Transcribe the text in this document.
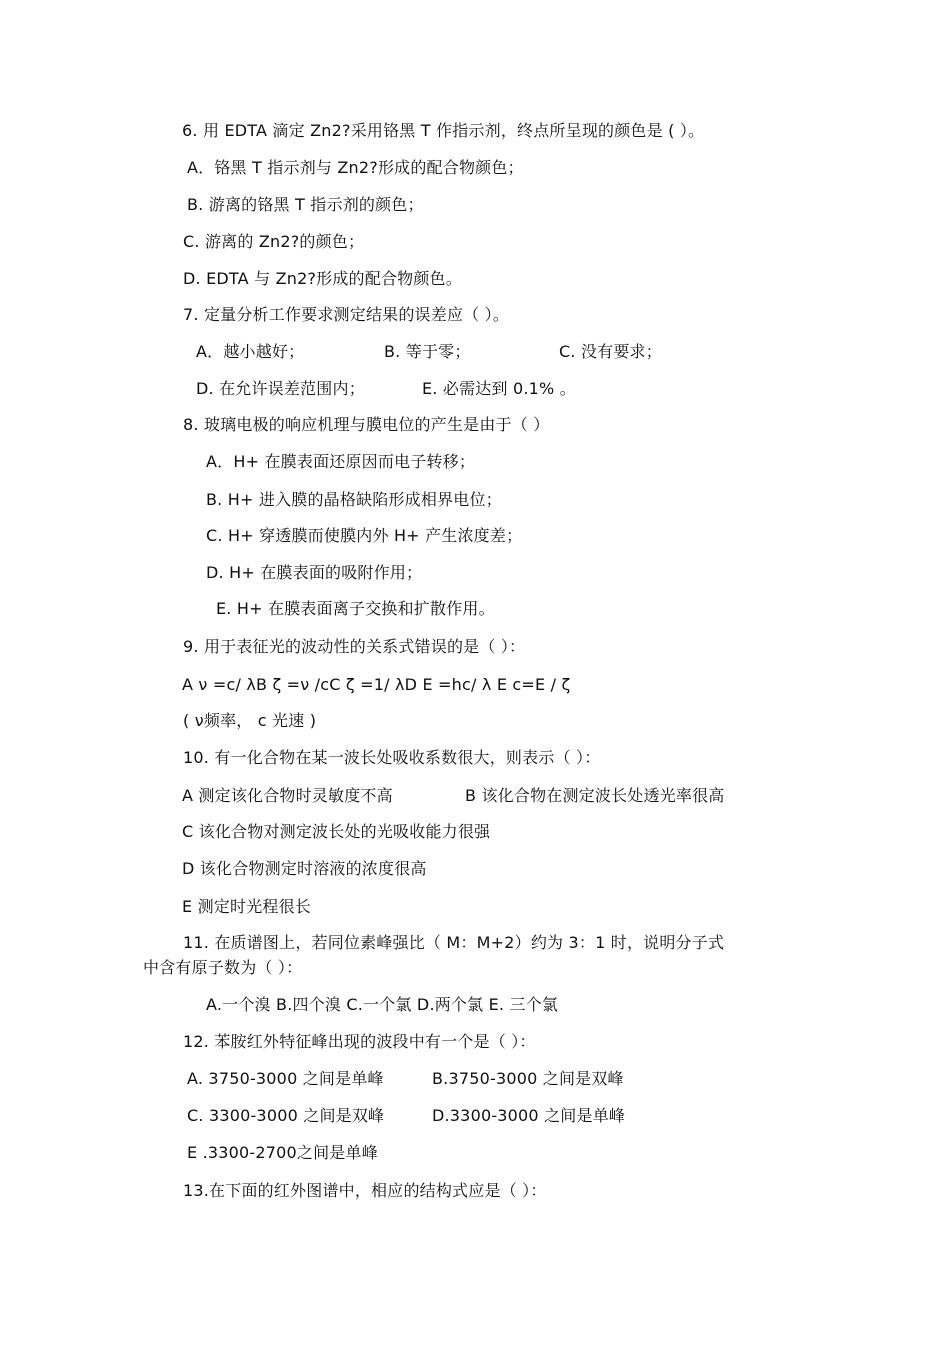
6. 用 EDTA 滴定 Zn2?采用铬黑 T 作指示剂，终点所呈现的颜色是 ( ）。
A．铬黑 T 指示剂与 Zn2?形成的配合物颜色；
B. 游离的铬黑 T 指示剂的颜色；
C. 游离的 Zn2?的颜色；
D. EDTA 与 Zn2?形成的配合物颜色。
7. 定量分析工作要求测定结果的误差应（ ）。
A．越小越好；	B. 等于零；	C. 没有要求；
D. 在允许误差范围内；	E. 必需达到 0.1% 。
8. 玻璃电极的响应机理与膜电位的产生是由于（ ）
A．H+ 在膜表面还原因而电子转移；
B. H+ 进入膜的晶格缺陷形成相界电位；
C. H+ 穿透膜而使膜内外 H+ 产生浓度差；
D. H+ 在膜表面的吸附作用；
E. H+ 在膜表面离子交换和扩散作用。
9. 用于表征光的波动性的关系式错误的是（ ）：
A ν =c/ λB ζ =ν /cC ζ =1/ λD E =hc/ λ E c=E / ζ
( ν频率， c 光速 )
10. 有一化合物在某一波长处吸收系数很大，则表示（ ）：
A 测定该化合物时灵敏度不高	B 该化合物在测定波长处透光率很高
C 该化合物对测定波长处的光吸收能力很强
D 该化合物测定时溶液的浓度很高
E 测定时光程很长
11. 在质谱图上，若同位素峰强比（ M：M+2）约为 3：1 时，说明分子式
中含有原子数为（ ）：
A.一个溴 B.四个溴 C.一个氯 D.两个氯 E. 三个氯
12. 苯胺红外特征峰出现的波段中有一个是（ ）：
A. 3750-3000 之间是单峰	B.3750-3000 之间是双峰
C. 3300-3000 之间是双峰	D.3300-3000 之间是单峰
E .3300-2700之间是单峰
13.在下面的红外图谱中，相应的结构式应是（ ）：
